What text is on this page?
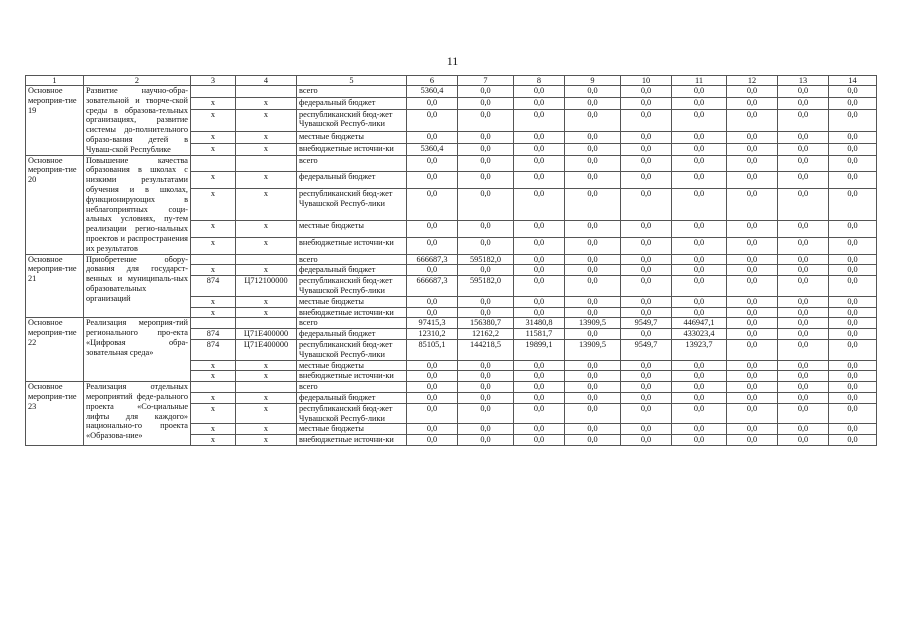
11
1	2	3	4	5	6	7	8	9	10	11	12	13	14
Основное мероприя-тие 19	Развитие научно-обра-зовательной и творче-ской среды в образова-тельных организациях, развитие системы до-полнительного образо-вания детей в Чуваш-ской Республике			всего	5360,4	0,0	0,0	0,0	0,0	0,0	0,0	0,0	0,0
		x	x	федеральный бюджет	0,0	0,0	0,0	0,0	0,0	0,0	0,0	0,0	0,0
		x	x	республиканский бюд-жет Чувашской Респуб-лики	0,0	0,0	0,0	0,0	0,0	0,0	0,0	0,0	0,0
		x	x	местные бюджеты	0,0	0,0	0,0	0,0	0,0	0,0	0,0	0,0	0,0
		x	x	внебюджетные источни-ки	5360,4	0,0	0,0	0,0	0,0	0,0	0,0	0,0	0,0
Основное мероприя-тие 20	Повышение качества образования в школах с низкими результатами обучения и в школах, функционирующих в неблагоприятных соци-альных условиях, пу-тем реализации регио-нальных проектов и распространения их результатов			всего	0,0	0,0	0,0	0,0	0,0	0,0	0,0	0,0	0,0
		x	x	федеральный бюджет	0,0	0,0	0,0	0,0	0,0	0,0	0,0	0,0	0,0
		x	x	республиканский бюд-жет Чувашской Респуб-лики	0,0	0,0	0,0	0,0	0,0	0,0	0,0	0,0	0,0
		x	x	местные бюджеты	0,0	0,0	0,0	0,0	0,0	0,0	0,0	0,0	0,0
		x	x	внебюджетные источни-ки	0,0	0,0	0,0	0,0	0,0	0,0	0,0	0,0	0,0
Основное мероприя-тие 21	Приобретение обору-дования для государст-венных и муниципаль-ных образовательных организаций			всего	666687,3	595182,0	0,0	0,0	0,0	0,0	0,0	0,0	0,0
		x	x	федеральный бюджет	0,0	0,0	0,0	0,0	0,0	0,0	0,0	0,0	0,0
		874	Ц712100000	республиканский бюд-жет Чувашской Респуб-лики	666687,3	595182,0	0,0	0,0	0,0	0,0	0,0	0,0	0,0
		x	x	местные бюджеты	0,0	0,0	0,0	0,0	0,0	0,0	0,0	0,0	0,0
		x	x	внебюджетные источни-ки	0,0	0,0	0,0	0,0	0,0	0,0	0,0	0,0	0,0
Основное мероприя-тие 22	Реализация мероприя-тий регионального про-екта «Цифровая обра-зовательная среда»			всего	97415,3	156380,7	31480,8	13909,5	9549,7	446947,1	0,0	0,0	0,0
		874	Ц71Е400000	федеральный бюджет	12310,2	12162,2	11581,7	0,0	0,0	433023,4	0,0	0,0	0,0
		874	Ц71Е400000	республиканский бюд-жет Чувашской Респуб-лики	85105,1	144218,5	19899,1	13909,5	9549,7	13923,7	0,0	0,0	0,0
		x	x	местные бюджеты	0,0	0,0	0,0	0,0	0,0	0,0	0,0	0,0	0,0
		x	x	внебюджетные источни-ки	0,0	0,0	0,0	0,0	0,0	0,0	0,0	0,0	0,0
Основное мероприя-тие 23	Реализация отдельных мероприятий феде-рального проекта «Со-циальные лифты для каждого» национально-го проекта «Образова-ние»			всего	0,0	0,0	0,0	0,0	0,0	0,0	0,0	0,0	0,0
		x	x	федеральный бюджет	0,0	0,0	0,0	0,0	0,0	0,0	0,0	0,0	0,0
		x	x	республиканский бюд-жет Чувашской Респуб-лики	0,0	0,0	0,0	0,0	0,0	0,0	0,0	0,0	0,0
		x	x	местные бюджеты	0,0	0,0	0,0	0,0	0,0	0,0	0,0	0,0	0,0
		x	x	внебюджетные источни-ки	0,0	0,0	0,0	0,0	0,0	0,0	0,0	0,0	0,0
